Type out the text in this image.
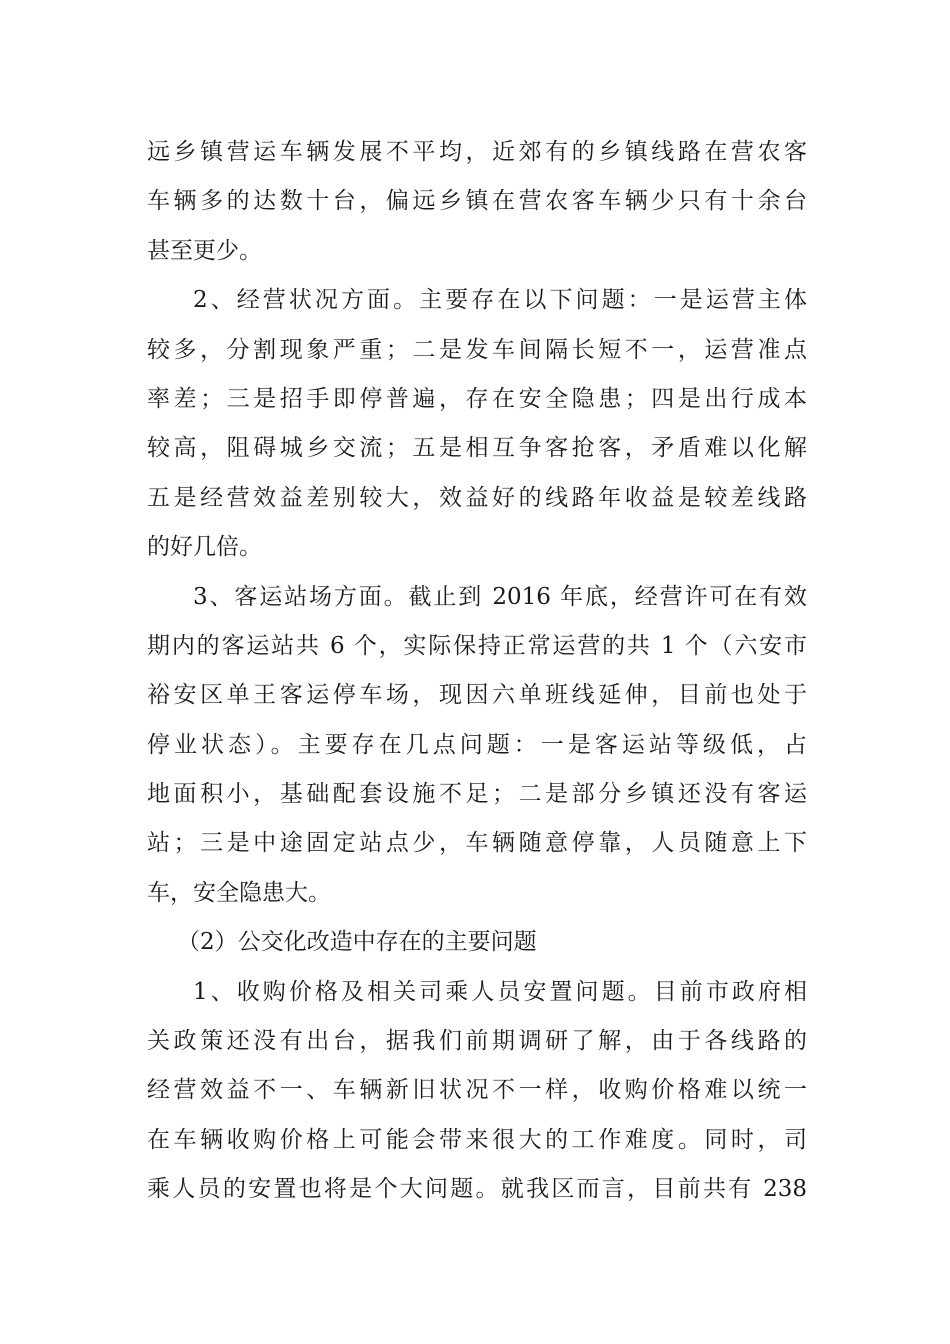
远乡镇营运车辆发展不平均，近郊有的乡镇线路在营农客
车辆多的达数十台，偏远乡镇在营农客车辆少只有十余台
甚至更少。
2、经营状况方面。主要存在以下问题：一是运营主体
较多，分割现象严重；二是发车间隔长短不一，运营准点
率差；三是招手即停普遍，存在安全隐患；四是出行成本
较高，阻碍城乡交流；五是相互争客抢客，矛盾难以化解
五是经营效益差别较大，效益好的线路年收益是较差线路
的好几倍。
3、客运站场方面。截止到 2016 年底，经营许可在有效
期内的客运站共 6 个，实际保持正常运营的共 1 个（六安市
裕安区单王客运停车场，现因六单班线延伸，目前也处于
停业状态）。主要存在几点问题：一是客运站等级低，占
地面积小，基础配套设施不足；二是部分乡镇还没有客运
站；三是中途固定站点少，车辆随意停靠，人员随意上下
车，安全隐患大。
（2）公交化改造中存在的主要问题
1、收购价格及相关司乘人员安置问题。目前市政府相
关政策还没有出台，据我们前期调研了解，由于各线路的
经营效益不一、车辆新旧状况不一样，收购价格难以统一
在车辆收购价格上可能会带来很大的工作难度。同时，司
乘人员的安置也将是个大问题。就我区而言，目前共有 238
